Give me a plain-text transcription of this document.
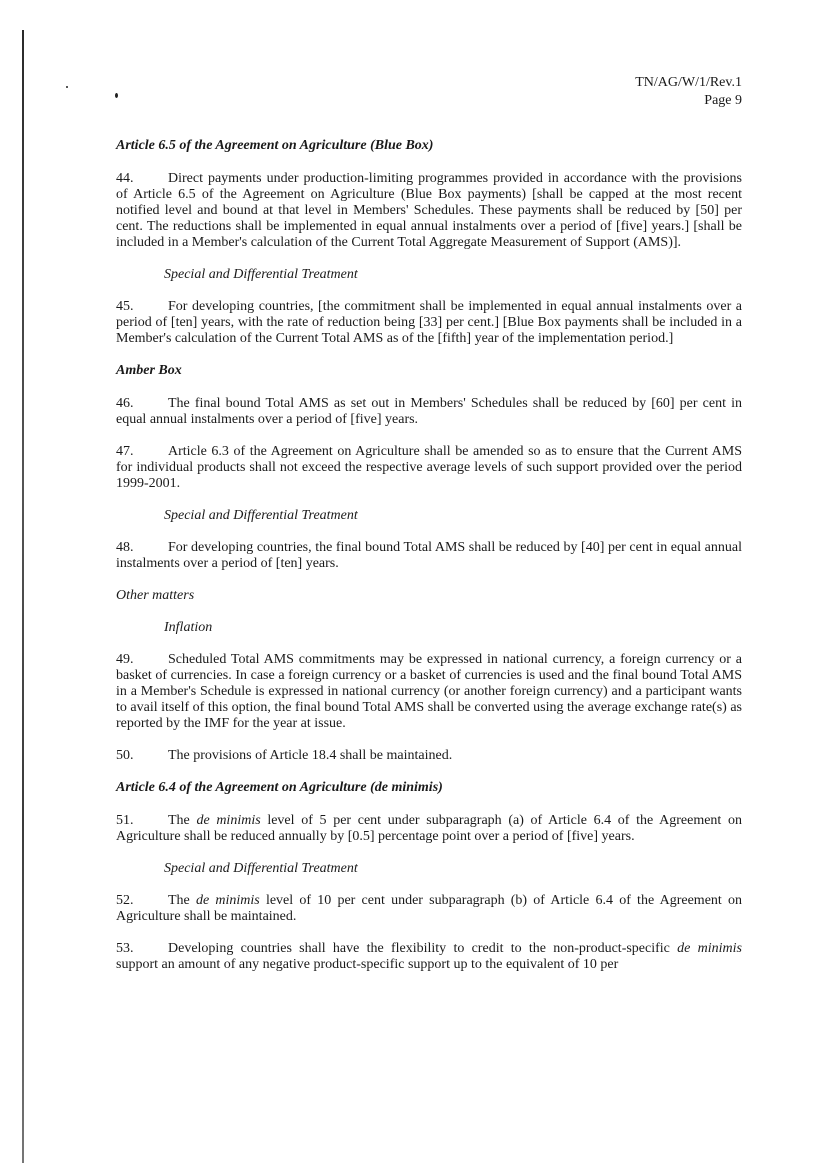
TN/AG/W/1/Rev.1
Page 9
Article 6.5 of the Agreement on Agriculture (Blue Box)

44. Direct payments under production-limiting programmes provided in accordance with the provisions of Article 6.5 of the Agreement on Agriculture (Blue Box payments) [shall be capped at the most recent notified level and bound at that level in Members' Schedules. These payments shall be reduced by [50] per cent. The reductions shall be implemented in equal annual instalments over a period of [five] years.] [shall be included in a Member's calculation of the Current Total Aggregate Measurement of Support (AMS)].

Special and Differential Treatment

45. For developing countries, [the commitment shall be implemented in equal annual instalments over a period of [ten] years, with the rate of reduction being [33] per cent.] [Blue Box payments shall be included in a Member's calculation of the Current Total AMS as of the [fifth] year of the implementation period.]

Amber Box

46. The final bound Total AMS as set out in Members' Schedules shall be reduced by [60] per cent in equal annual instalments over a period of [five] years.

47. Article 6.3 of the Agreement on Agriculture shall be amended so as to ensure that the Current AMS for individual products shall not exceed the respective average levels of such support provided over the period 1999-2001.

Special and Differential Treatment

48. For developing countries, the final bound Total AMS shall be reduced by [40] per cent in equal annual instalments over a period of [ten] years.

Other matters
Inflation

49. Scheduled Total AMS commitments may be expressed in national currency, a foreign currency or a basket of currencies. In case a foreign currency or a basket of currencies is used and the final bound Total AMS in a Member's Schedule is expressed in national currency (or another foreign currency) and a participant wants to avail itself of this option, the final bound Total AMS shall be converted using the average exchange rate(s) as reported by the IMF for the year at issue.

50. The provisions of Article 18.4 shall be maintained.

Article 6.4 of the Agreement on Agriculture (de minimis)

51. The de minimis level of 5 per cent under subparagraph (a) of Article 6.4 of the Agreement on Agriculture shall be reduced annually by [0.5] percentage point over a period of [five] years.

Special and Differential Treatment

52. The de minimis level of 10 per cent under subparagraph (b) of Article 6.4 of the Agreement on Agriculture shall be maintained.

53. Developing countries shall have the flexibility to credit to the non-product-specific de minimis support an amount of any negative product-specific support up to the equivalent of 10 per
